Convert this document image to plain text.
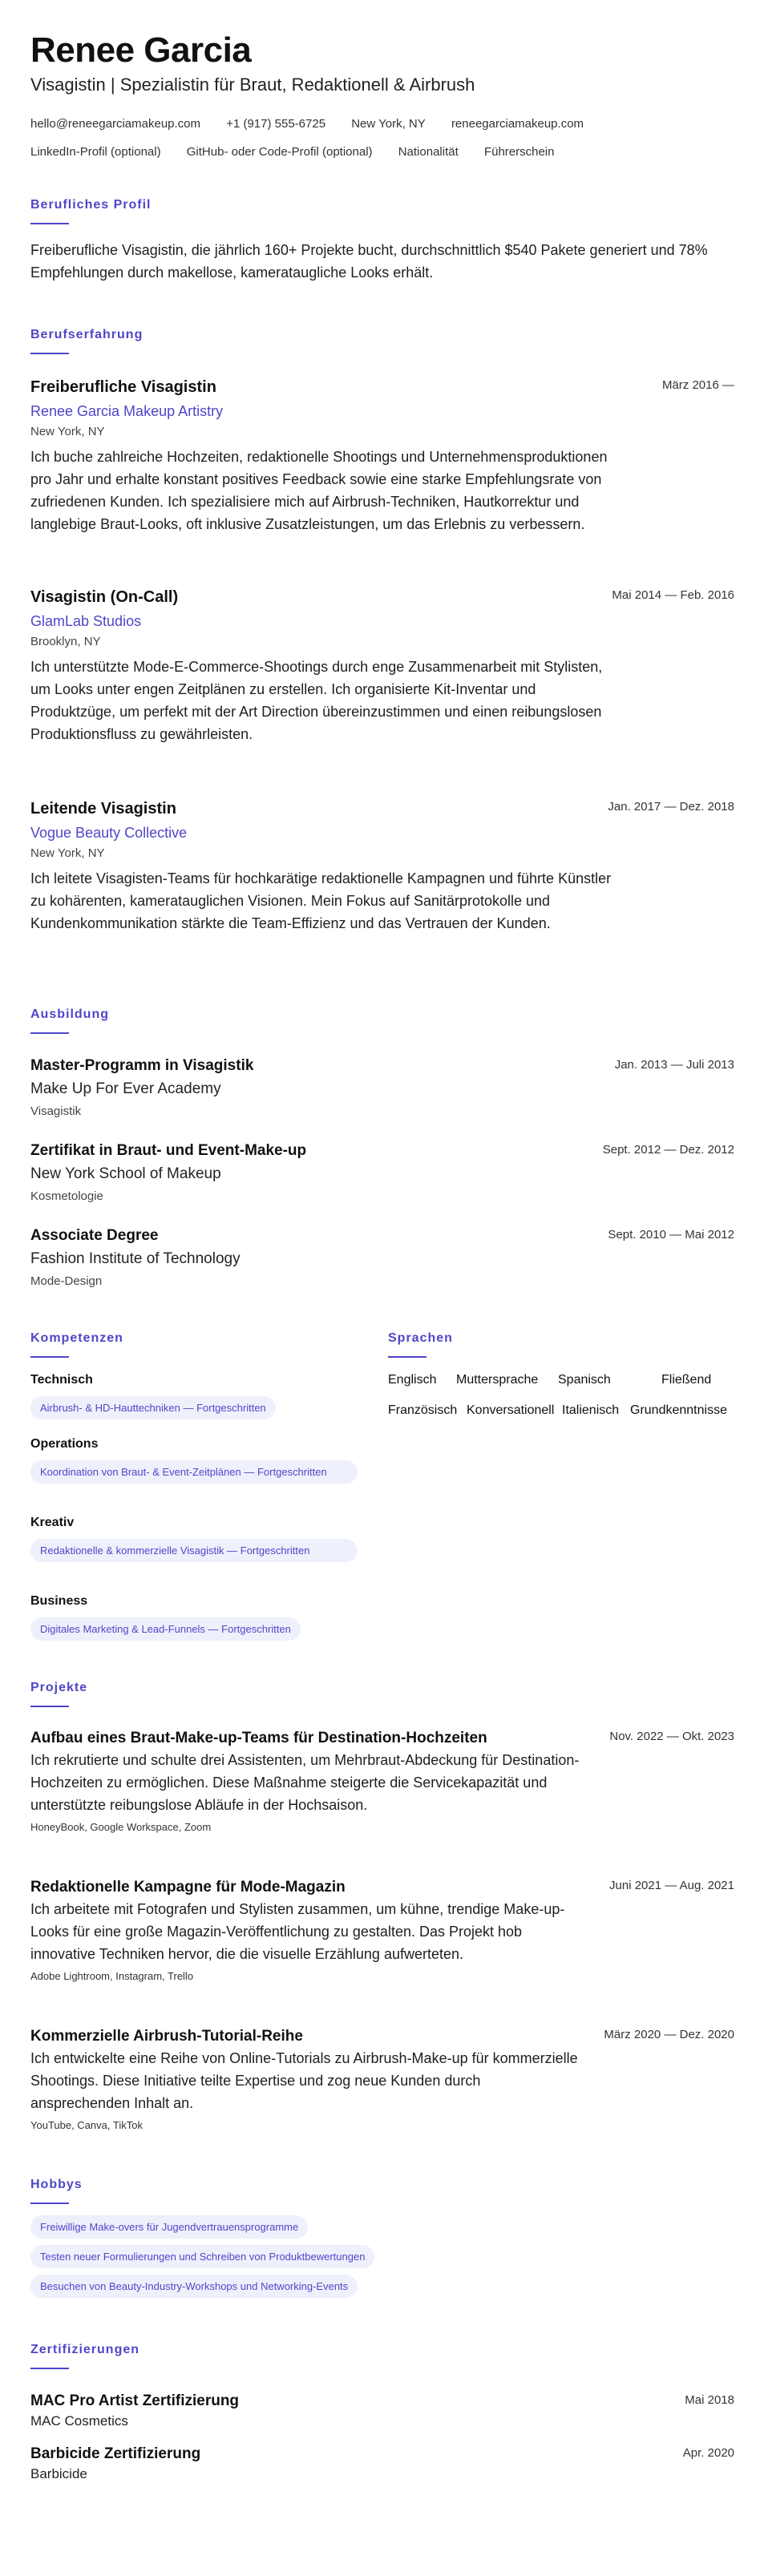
Renee Garcia
Visagistin | Spezialistin für Braut, Redaktionell & Airbrush
hello@reneegarciamakeup.com +1 (917) 555-6725 New York, NY reneegarciamakeup.com
LinkedIn-Profil (optional) GitHub- oder Code-Profil (optional) Nationalität Führerschein
Berufliches Profil

Freiberufliche Visagistin, die jährlich 160+ Projekte bucht, durchschnittlich $540 Pakete generiert und 78% Empfehlungen durch makellose, kamerataugliche Looks erhält.

Berufserfahrung
Freiberufliche Visagistin	März 2016 —
Renee Garcia Makeup Artistry
New York, NY
Ich buche zahlreiche Hochzeiten, redaktionelle Shootings und Unternehmensproduktionen pro Jahr und erhalte konstant positives Feedback sowie eine starke Empfehlungsrate von zufriedenen Kunden. Ich spezialisiere mich auf Airbrush-Techniken, Hautkorrektur und langlebige Braut-Looks, oft inklusive Zusatzleistungen, um das Erlebnis zu verbessern.
Visagistin (On-Call)	Mai 2014 — Feb. 2016
GlamLab Studios
Brooklyn, NY
Ich unterstützte Mode-E-Commerce-Shootings durch enge Zusammenarbeit mit Stylisten, um Looks unter engen Zeitplänen zu erstellen. Ich organisierte Kit-Inventar und Produktzüge, um perfekt mit der Art Direction übereinzustimmen und einen reibungslosen Produktionsfluss zu gewährleisten.
Leitende Visagistin	Jan. 2017 — Dez. 2018
Vogue Beauty Collective
New York, NY
Ich leitete Visagisten-Teams für hochkarätige redaktionelle Kampagnen und führte Künstler zu kohärenten, kameratauglichen Visionen. Mein Fokus auf Sanitärprotokolle und Kundenkommunikation stärkte die Team-Effizienz und das Vertrauen der Kunden.
Ausbildung
Master-Programm in Visagistik	Jan. 2013 — Juli 2013
Make Up For Ever Academy
Visagistik
Zertifikat in Braut- und Event-Make-up	Sept. 2012 — Dez. 2012
New York School of Makeup
Kosmetologie
Associate Degree	Sept. 2010 — Mai 2012
Fashion Institute of Technology
Mode-Design
Kompetenzen
Technisch
Airbrush- & HD-Hauttechniken — Fortgeschritten
Operations
Koordination von Braut- & Event-Zeitplänen — Fortgeschritten
Kreativ
Redaktionelle & kommerzielle Visagistik — Fortgeschritten
Business
Digitales Marketing & Lead-Funnels — Fortgeschritten
Sprachen
Englisch Muttersprache Spanisch	Fließend
Französisch Konversationell Italienisch Grundkenntnisse
Projekte
Aufbau eines Braut-Make-up-Teams für Destination-Hochzeiten	Nov. 2022 — Okt. 2023
Ich rekrutierte und schulte drei Assistenten, um Mehrbraut-Abdeckung für Destination-Hochzeiten zu ermöglichen. Diese Maßnahme steigerte die Servicekapazität und unterstützte reibungslose Abläufe in der Hochsaison.
HoneyBook, Google Workspace, Zoom
Redaktionelle Kampagne für Mode-Magazin	Juni 2021 — Aug. 2021
Ich arbeitete mit Fotografen und Stylisten zusammen, um kühne, trendige Make-up-Looks für eine große Magazin-Veröffentlichung zu gestalten. Das Projekt hob innovative Techniken hervor, die die visuelle Erzählung aufwerteten.
Adobe Lightroom, Instagram, Trello
Kommerzielle Airbrush-Tutorial-Reihe	März 2020 — Dez. 2020
Ich entwickelte eine Reihe von Online-Tutorials zu Airbrush-Make-up für kommerzielle Shootings. Diese Initiative teilte Expertise und zog neue Kunden durch ansprechenden Inhalt an.
YouTube, Canva, TikTok
Hobbys
Freiwillige Make-overs für Jugendvertrauensprogramme
Testen neuer Formulierungen und Schreiben von Produktbewertungen
Besuchen von Beauty-Industry-Workshops und Networking-Events
Zertifizierungen
MAC Pro Artist Zertifizierung	Mai 2018
MAC Cosmetics
Barbicide Zertifizierung	Apr. 2020
Barbicide
